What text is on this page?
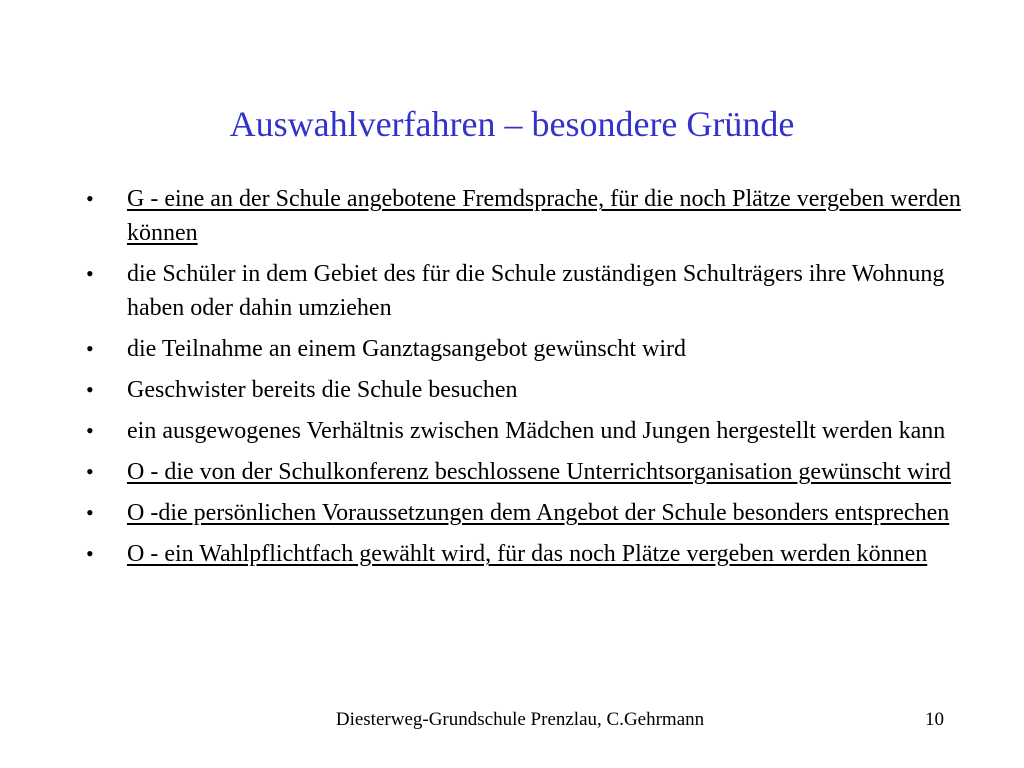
Auswahlverfahren – besondere Gründe
• G - eine an der Schule angebotene Fremdsprache, für die noch Plätze vergeben werden können
• die Schüler in dem Gebiet des für die Schule zuständigen Schulträgers ihre Wohnung haben oder dahin umziehen
• die Teilnahme an einem Ganztagsangebot gewünscht wird
• Geschwister bereits die Schule besuchen
• ein ausgewogenes Verhältnis zwischen Mädchen und Jungen hergestellt werden kann
• O - die von der Schulkonferenz beschlossene Unterrichtsorganisation gewünscht wird
• O -die persönlichen Voraussetzungen dem Angebot der Schule besonders entsprechen
• O - ein Wahlpflichtfach gewählt wird, für das noch Plätze vergeben werden können
Diesterweg-Grundschule Prenzlau, C.Gehrmann	10
